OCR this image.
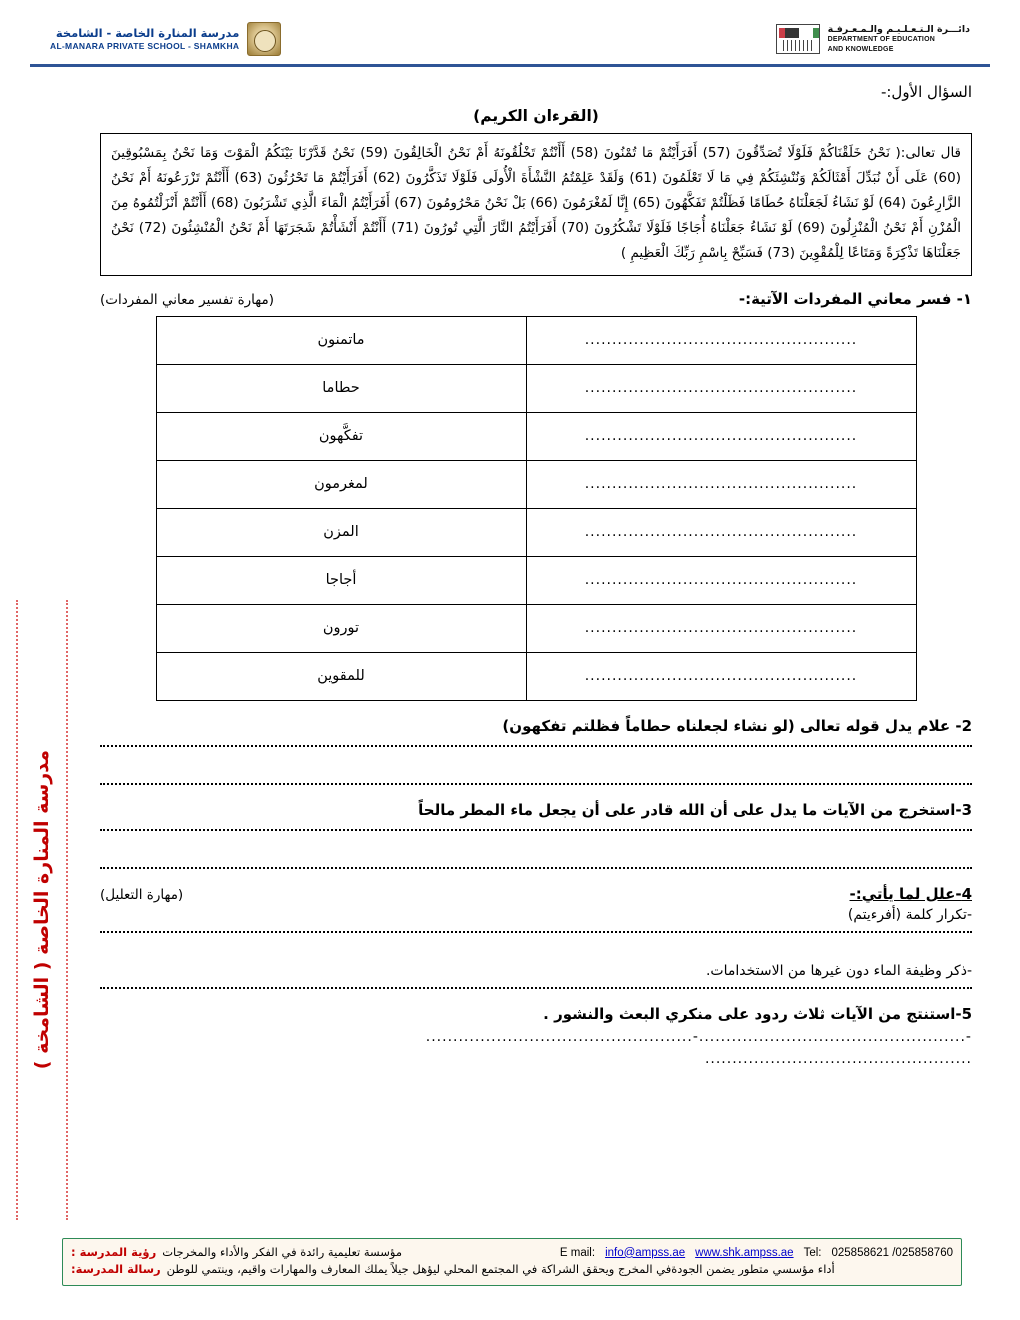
مدرسة المنارة الخاصة - الشامخة
AL-MANARA PRIVATE SCHOOL - SHAMKHA
دائـــرة الـتـعـلـيـم والـمـعـرفـة
DEPARTMENT OF EDUCATION
AND KNOWLEDGE
مدرسة المنارة الخاصة ( الشامخة )
السؤال الأول:-
(القرءان الكريم)
قال تعالى:( نَحْنُ خَلَقْنَاكُمْ فَلَوْلَا تُصَدِّقُونَ (57) أَفَرَأَيْتُمْ مَا تُمْنُونَ (58) أَأَنْتُمْ تَخْلُقُونَهُ أَمْ نَحْنُ الْخَالِقُونَ (59) نَحْنُ قَدَّرْنَا بَيْنَكُمُ الْمَوْتَ وَمَا نَحْنُ بِمَسْبُوقِينَ (60) عَلَى أَنْ نُبَدِّلَ أَمْثَالَكُمْ وَنُنْشِئَكُمْ فِي مَا لَا تَعْلَمُونَ (61) وَلَقَدْ عَلِمْتُمُ النَّشْأَةَ الْأُولَى فَلَوْلَا تَذَكَّرُونَ (62) أَفَرَأَيْتُمْ مَا تَحْرُثُونَ (63) أَأَنْتُمْ تَزْرَعُونَهُ أَمْ نَحْنُ الزَّارِعُونَ (64) لَوْ نَشَاءُ لَجَعَلْنَاهُ حُطَامًا فَظَلْتُمْ تَفَكَّهُونَ (65) إِنَّا لَمُغْرَمُونَ (66) بَلْ نَحْنُ مَحْرُومُونَ (67) أَفَرَأَيْتُمُ الْمَاءَ الَّذِي تَشْرَبُونَ (68) أَأَنْتُمْ أَنْزَلْتُمُوهُ مِنَ الْمُزْنِ أَمْ نَحْنُ الْمُنْزِلُونَ (69) لَوْ نَشَاءُ جَعَلْنَاهُ أُجَاجًا فَلَوْلَا تَشْكُرُونَ (70) أَفَرَأَيْتُمُ النَّارَ الَّتِي تُورُونَ (71) أَأَنْتُمْ أَنْشَأْتُمْ شَجَرَتَهَا أَمْ نَحْنُ الْمُنْشِئُونَ (72) نَحْنُ جَعَلْنَاهَا تَذْكِرَةً وَمَتَاعًا لِلْمُقْوِينَ (73) فَسَبِّحْ بِاسْمِ رَبِّكَ الْعَظِيمِ )
١- فسر معاني المفردات الآتية:-
(مهارة تفسير معاني المفردات)
..................................................	ماتمنون
..................................................	حطاما
..................................................	تفكَّهون
..................................................	لمغرمون
..................................................	المزن
..................................................	أجاجا
..................................................	تورون
..................................................	للمقوين
2- علام يدل قوله تعالى (لو نشاء لجعلناه حطاماً فظلتم تفكهون)
3-استخرج من الآيات ما يدل على أن الله قادر على أن يجعل ماء المطر مالحاً
4-علل لما يأتي:-
(مهارة التعليل)
-تكرار كلمة (أفرءيتم)
-ذكر وظيفة الماء دون غيرها من الاستخدامات.
5-استنتج من الآيات ثلاث ردود على منكري البعث والنشور .
-.................................................-.................................................
.................................................
رؤية المدرسة : مؤسسة تعليمية رائدة في الفكر والأداء والمخرجات	E mail: info@ampss.ae www.shk.ampss.ae Tel: 025858621 /025858760
رسالة المدرسة: أداء مؤسسي متطور يضمن الجودةفي المخرج ويحقق الشراكة في المجتمع المحلي ليؤهل جيلاً يملك المعارف والمهارات واقيم، وينتمي للوطن
